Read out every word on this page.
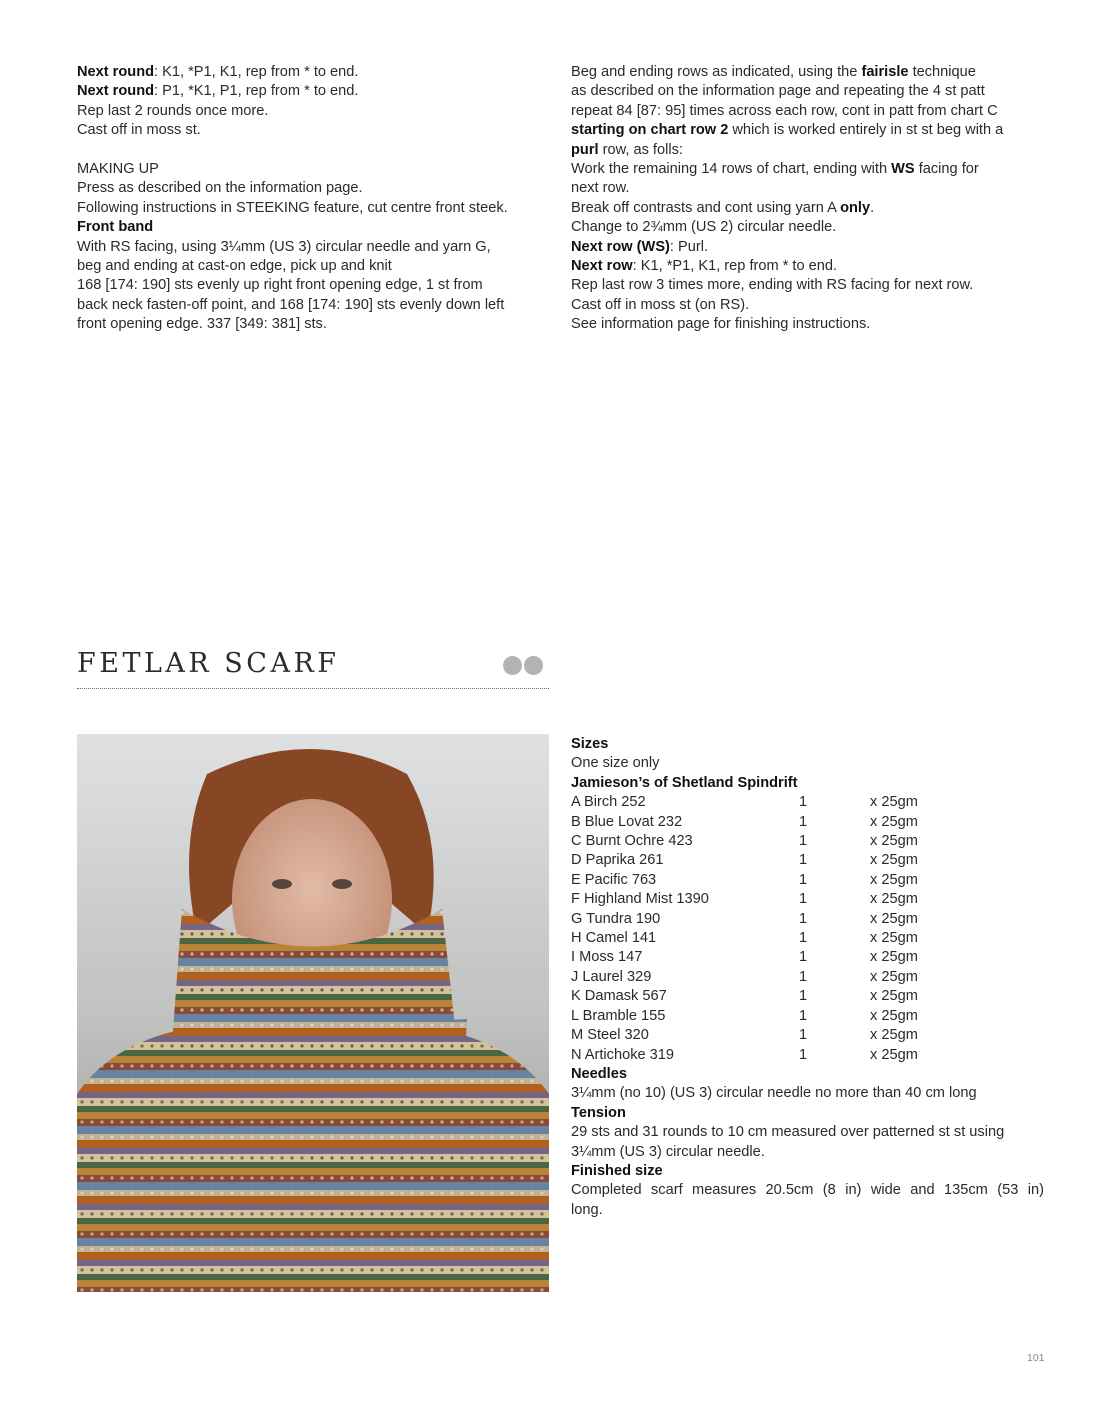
Next round: K1, *P1, K1, rep from * to end.

Next round: P1, *K1, P1, rep from * to end.

Rep last 2 rounds once more.

Cast off in moss st.

MAKING UP

Press as described on the information page.

Following instructions in STEEKING feature, cut centre front steek.

Front band

With RS facing, using 3¼mm (US 3) circular needle and yarn G,

beg and ending at cast-on edge, pick up and knit

168 [174: 190] sts evenly up right front opening edge, 1 st from

back neck fasten-off point, and 168 [174: 190] sts evenly down left

front opening edge. 337 [349: 381] sts.

Beg and ending rows as indicated, using the fairisle technique

as described on the information page and repeating the 4 st patt

repeat 84 [87: 95] times across each row, cont in patt from chart C

starting on chart row 2 which is worked entirely in st st beg with a

purl row, as folls:

Work the remaining 14 rows of chart, ending with WS facing for

next row.

Break off contrasts and cont using yarn A only.

Change to 2¾mm (US 2) circular needle.

Next row (WS): Purl.

Next row: K1, *P1, K1, rep from * to end.

Rep last row 3 times more, ending with RS facing for next row.

Cast off in moss st (on RS).

See information page for finishing instructions.

FETLAR SCARF

Sizes

One size only

Jamieson’s of Shetland Spindrift

A Birch 252	1	x 25gm
B Blue Lovat 232	1	x 25gm
C Burnt Ochre 423	1	x 25gm
D Paprika 261	1	x 25gm
E Pacific 763	1	x 25gm
F Highland Mist 1390	1	x 25gm
G Tundra 190	1	x 25gm
H Camel 141	1	x 25gm
I Moss 147	1	x 25gm
J Laurel 329	1	x 25gm
K Damask 567	1	x 25gm
L Bramble 155	1	x 25gm
M Steel 320	1	x 25gm
N Artichoke 319	1	x 25gm

Needles

3¼mm (no 10) (US 3) circular needle no more than 40 cm long

Tension

29 sts and 31 rounds to 10 cm measured over patterned st st using

3¼mm (US 3) circular needle.

Finished size

Completed scarf measures 20.5cm (8 in) wide and 135cm (53 in)

long.

101
